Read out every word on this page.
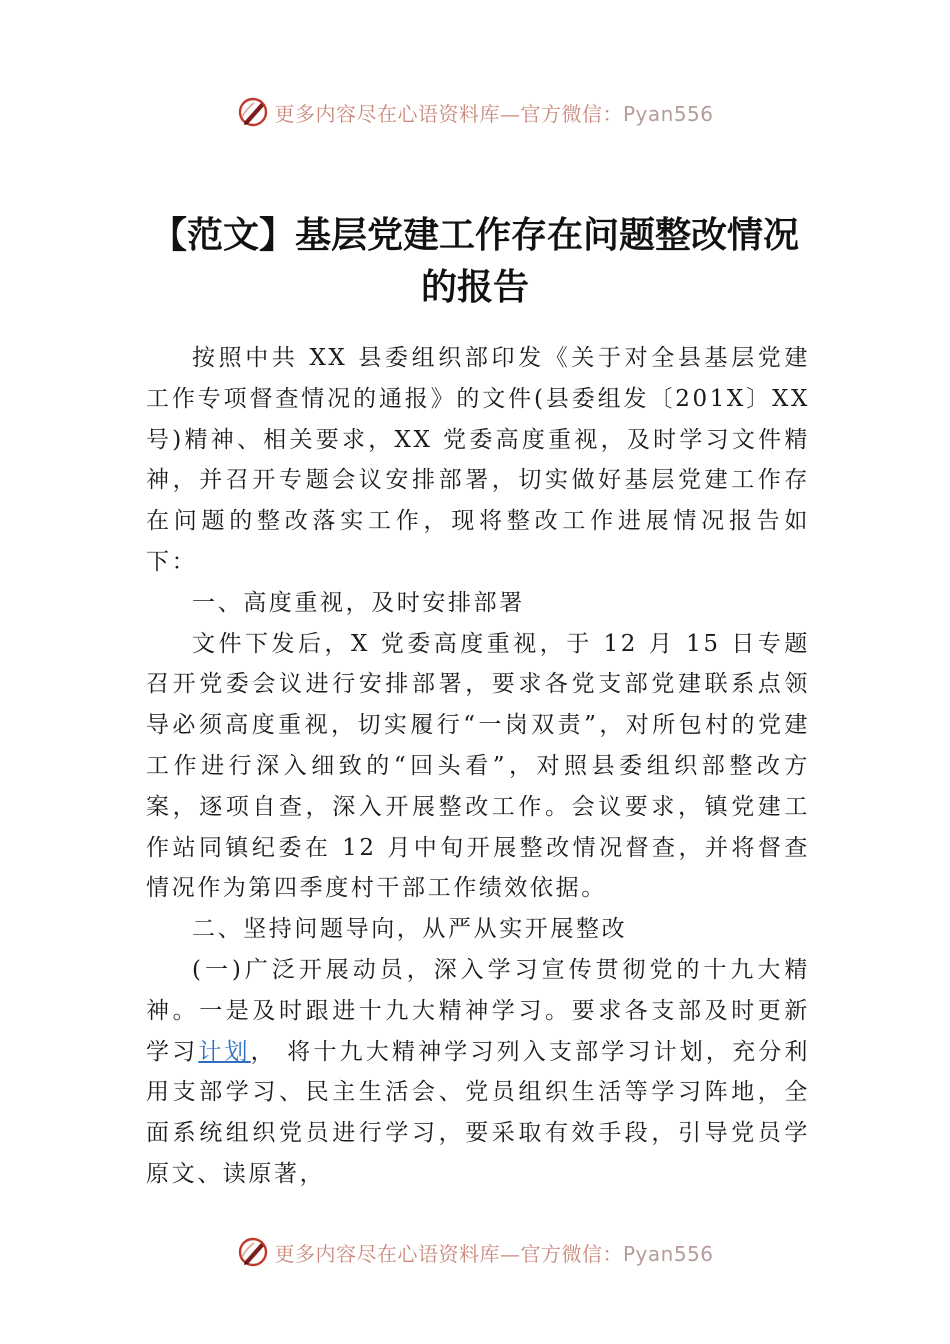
更多内容尽在心语资料库—官方微信：Pyan556
【范文】基层党建工作存在问题整改情况
的报告

按照中共 XX 县委组织部印发《关于对全县基层党建工作专项督查情况的通报》的文件(县委组发〔201X〕XX 号)精神、相关要求，XX 党委高度重视，及时学习文件精神，并召开专题会议安排部署，切实做好基层党建工作存在问题的整改落实工作，现将整改工作进展情况报告如下：

一、高度重视，及时安排部署

文件下发后，X 党委高度重视，于 12 月 15 日专题召开党委会议进行安排部署，要求各党支部党建联系点领导必须高度重视，切实履行“一岗双责”，对所包村的党建工作进行深入细致的“回头看”，对照县委组织部整改方案，逐项自查，深入开展整改工作。会议要求，镇党建工作站同镇纪委在 12 月中旬开展整改情况督查，并将督查情况作为第四季度村干部工作绩效依据。

二、坚持问题导向，从严从实开展整改

(一)广泛开展动员，深入学习宣传贯彻党的十九大精神。一是及时跟进十九大精神学习。要求各支部及时更新学习计划， 将十九大精神学习列入支部学习计划，充分利用支部学习、民主生活会、党员组织生活等学习阵地，全面系统组织党员进行学习，要采取有效手段，引导党员学原文、读原著，

更多内容尽在心语资料库—官方微信：Pyan556
